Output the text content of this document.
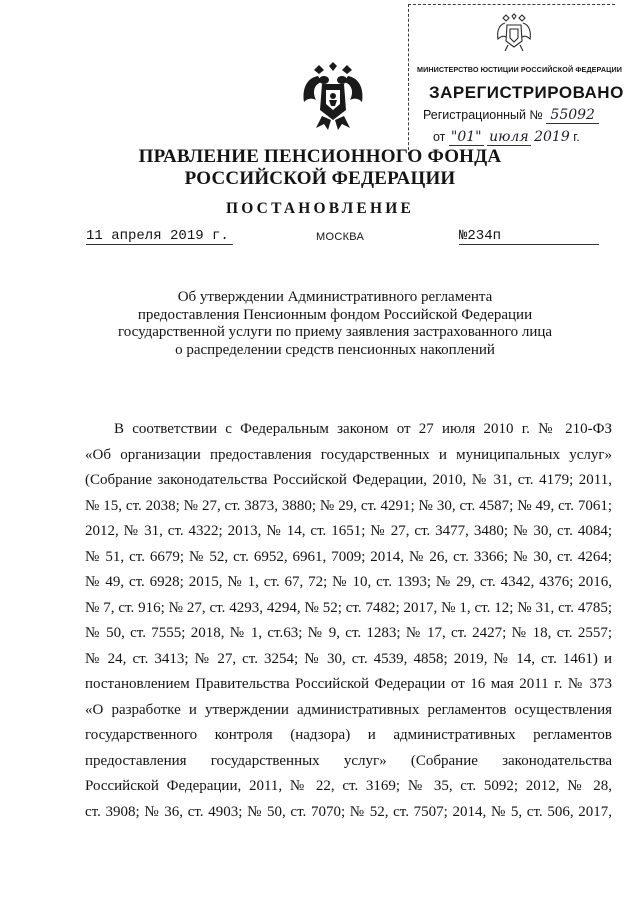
МИНИСТЕРСТВО ЮСТИЦИИ РОССИЙСКОЙ ФЕДЕРАЦИИ
ЗАРЕГИСТРИРОВАНО
Регистрационный № 55092
от "01" июля 2019 г.
ПРАВЛЕНИЕ ПЕНСИОННОГО ФОНДА
РОССИЙСКОЙ ФЕДЕРАЦИИ
ПОСТАНОВЛЕНИЕ
11 апреля 2019 г.	МОСКВА	№234п
Об утверждении Административного регламента
предоставления Пенсионным фондом Российской Федерации
государственной услуги по приему заявления застрахованного лица
о распределении средств пенсионных накоплений
В соответствии с Федеральным законом от 27 июля 2010 г. № 210-ФЗ
«Об организации предоставления государственных и муниципальных услуг»
(Собрание законодательства Российской Федерации, 2010, № 31, ст. 4179; 2011,
№ 15, ст. 2038; № 27, ст. 3873, 3880; № 29, ст. 4291; № 30, ст. 4587; № 49, ст. 7061;
2012, № 31, ст. 4322; 2013, № 14, ст. 1651; № 27, ст. 3477, 3480; № 30, ст. 4084;
№ 51, ст. 6679; № 52, ст. 6952, 6961, 7009; 2014, № 26, ст. 3366; № 30, ст. 4264;
№ 49, ст. 6928; 2015, № 1, ст. 67, 72; № 10, ст. 1393; № 29, ст. 4342, 4376; 2016,
№ 7, ст. 916; № 27, ст. 4293, 4294, № 52; ст. 7482; 2017, № 1, ст. 12; № 31, ст. 4785;
№ 50, ст. 7555; 2018, № 1, ст.63; № 9, ст. 1283; № 17, ст. 2427; № 18, ст. 2557;
№ 24, ст. 3413; № 27, ст. 3254; № 30, ст. 4539, 4858; 2019, № 14, ст. 1461) и
постановлением Правительства Российской Федерации от 16 мая 2011 г. № 373
«О разработке и утверждении административных регламентов осуществления
государственного контроля (надзора) и административных регламентов
предоставления государственных услуг» (Собрание законодательства
Российской Федерации, 2011, № 22, ст. 3169; № 35, ст. 5092; 2012, № 28,
ст. 3908; № 36, ст. 4903; № 50, ст. 7070; № 52, ст. 7507; 2014, № 5, ст. 506, 2017,
